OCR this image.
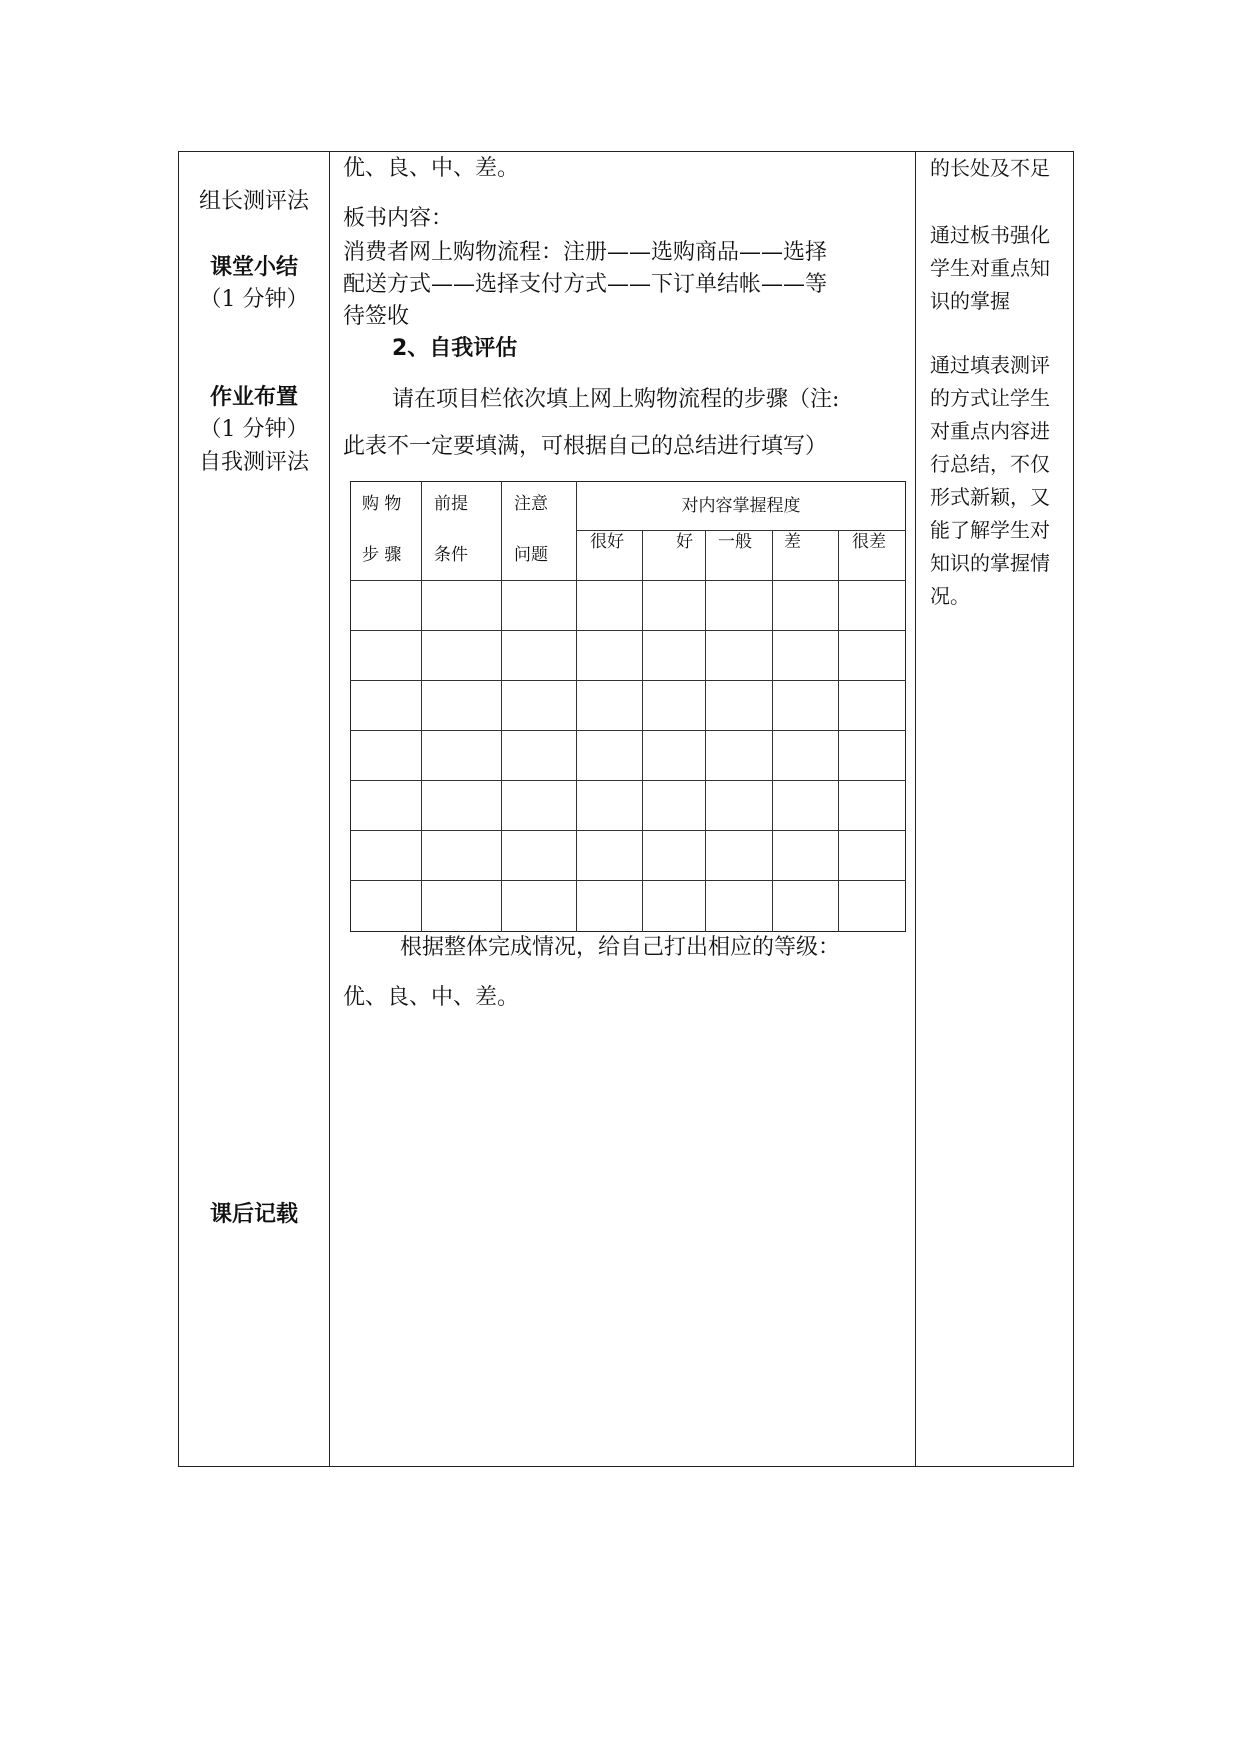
组长测评法
课堂小结
（1 分钟）
作业布置
（1 分钟）
自我测评法
课后记载
优、良、中、差。
板书内容：
消费者网上购物流程：注册——选购商品——选择
配送方式——选择支付方式——下订单结帐——等
待签收
2、自我评估
请在项目栏依次填上网上购物流程的步骤（注:
此表不一定要填满，可根据自己的总结进行填写）
根据整体完成情况，给自己打出相应的等级：
优、良、中、差。
购 物
步 骤
前提
条件
注意
问题
对内容掌握程度
很好	好 一般 差	很差
的长处及不足
通过板书强化
学生对重点知
识的掌握
通过填表测评
的方式让学生
对重点内容进
行总结，不仅
形式新颖，又
能了解学生对
知识的掌握情
况。
